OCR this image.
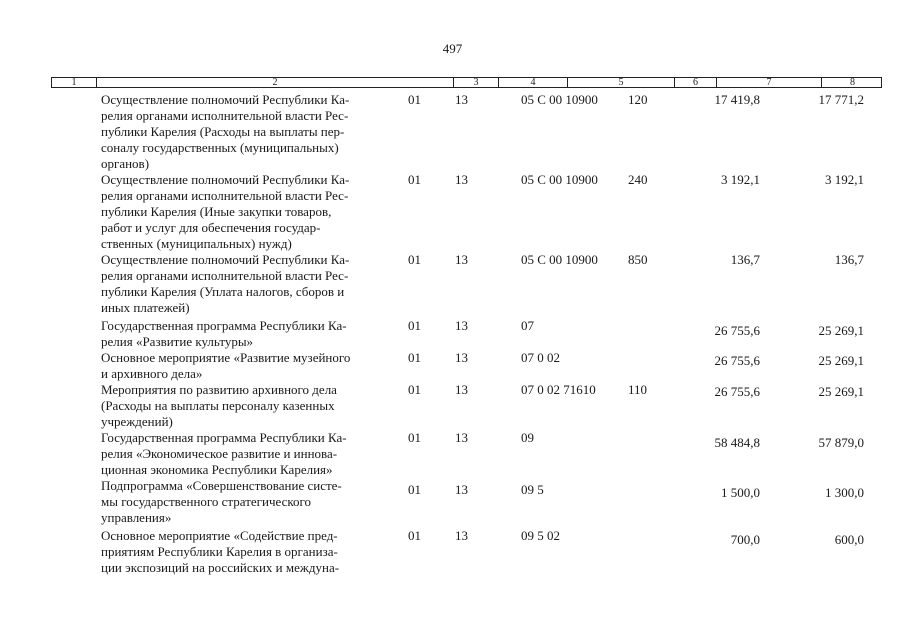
497
1	2	3	4	5	6	7	8
Осуществление полномочий Республики Ка-
релия органами исполнительной власти Рес-
публики Карелия (Расходы на выплаты пер-
соналу государственных (муниципальных)
органов)
01	13	05 С 00 10900 120	17 419,8	17 771,2
Осуществление полномочий Республики Ка-
релия органами исполнительной власти Рес-
публики Карелия (Иные закупки товаров,
работ и услуг для обеспечения государ-
ственных (муниципальных) нужд)
01	13	05 С 00 10900 240	3 192,1	3 192,1
Осуществление полномочий Республики Ка-
релия органами исполнительной власти Рес-
публики Карелия (Уплата налогов, сборов и
иных платежей)
01	13	05 С 00 10900 850	136,7	136,7
Государственная программа Республики Ка-
релия «Развитие культуры»
01	13	07	26 755,6	25 269,1
Основное мероприятие «Развитие музейного
и архивного дела»
01	13	07 0 02	26 755,6	25 269,1
Мероприятия по развитию архивного дела
(Расходы на выплаты персоналу казенных
учреждений)
01	13	07 0 02 71610 110	26 755,6	25 269,1
Государственная программа Республики Ка-
релия «Экономическое развитие и иннова-
ционная экономика Республики Карелия»
01	13	09	58 484,8	57 879,0
Подпрограмма «Совершенствование систе-
мы государственного стратегического
управления»
01	13	09 5	1 500,0	1 300,0
Основное мероприятие «Содействие пред-
приятиям Республики Карелия в организа-
ции экспозиций на российских и междуна-
01	13	09 5 02	700,0	600,0
